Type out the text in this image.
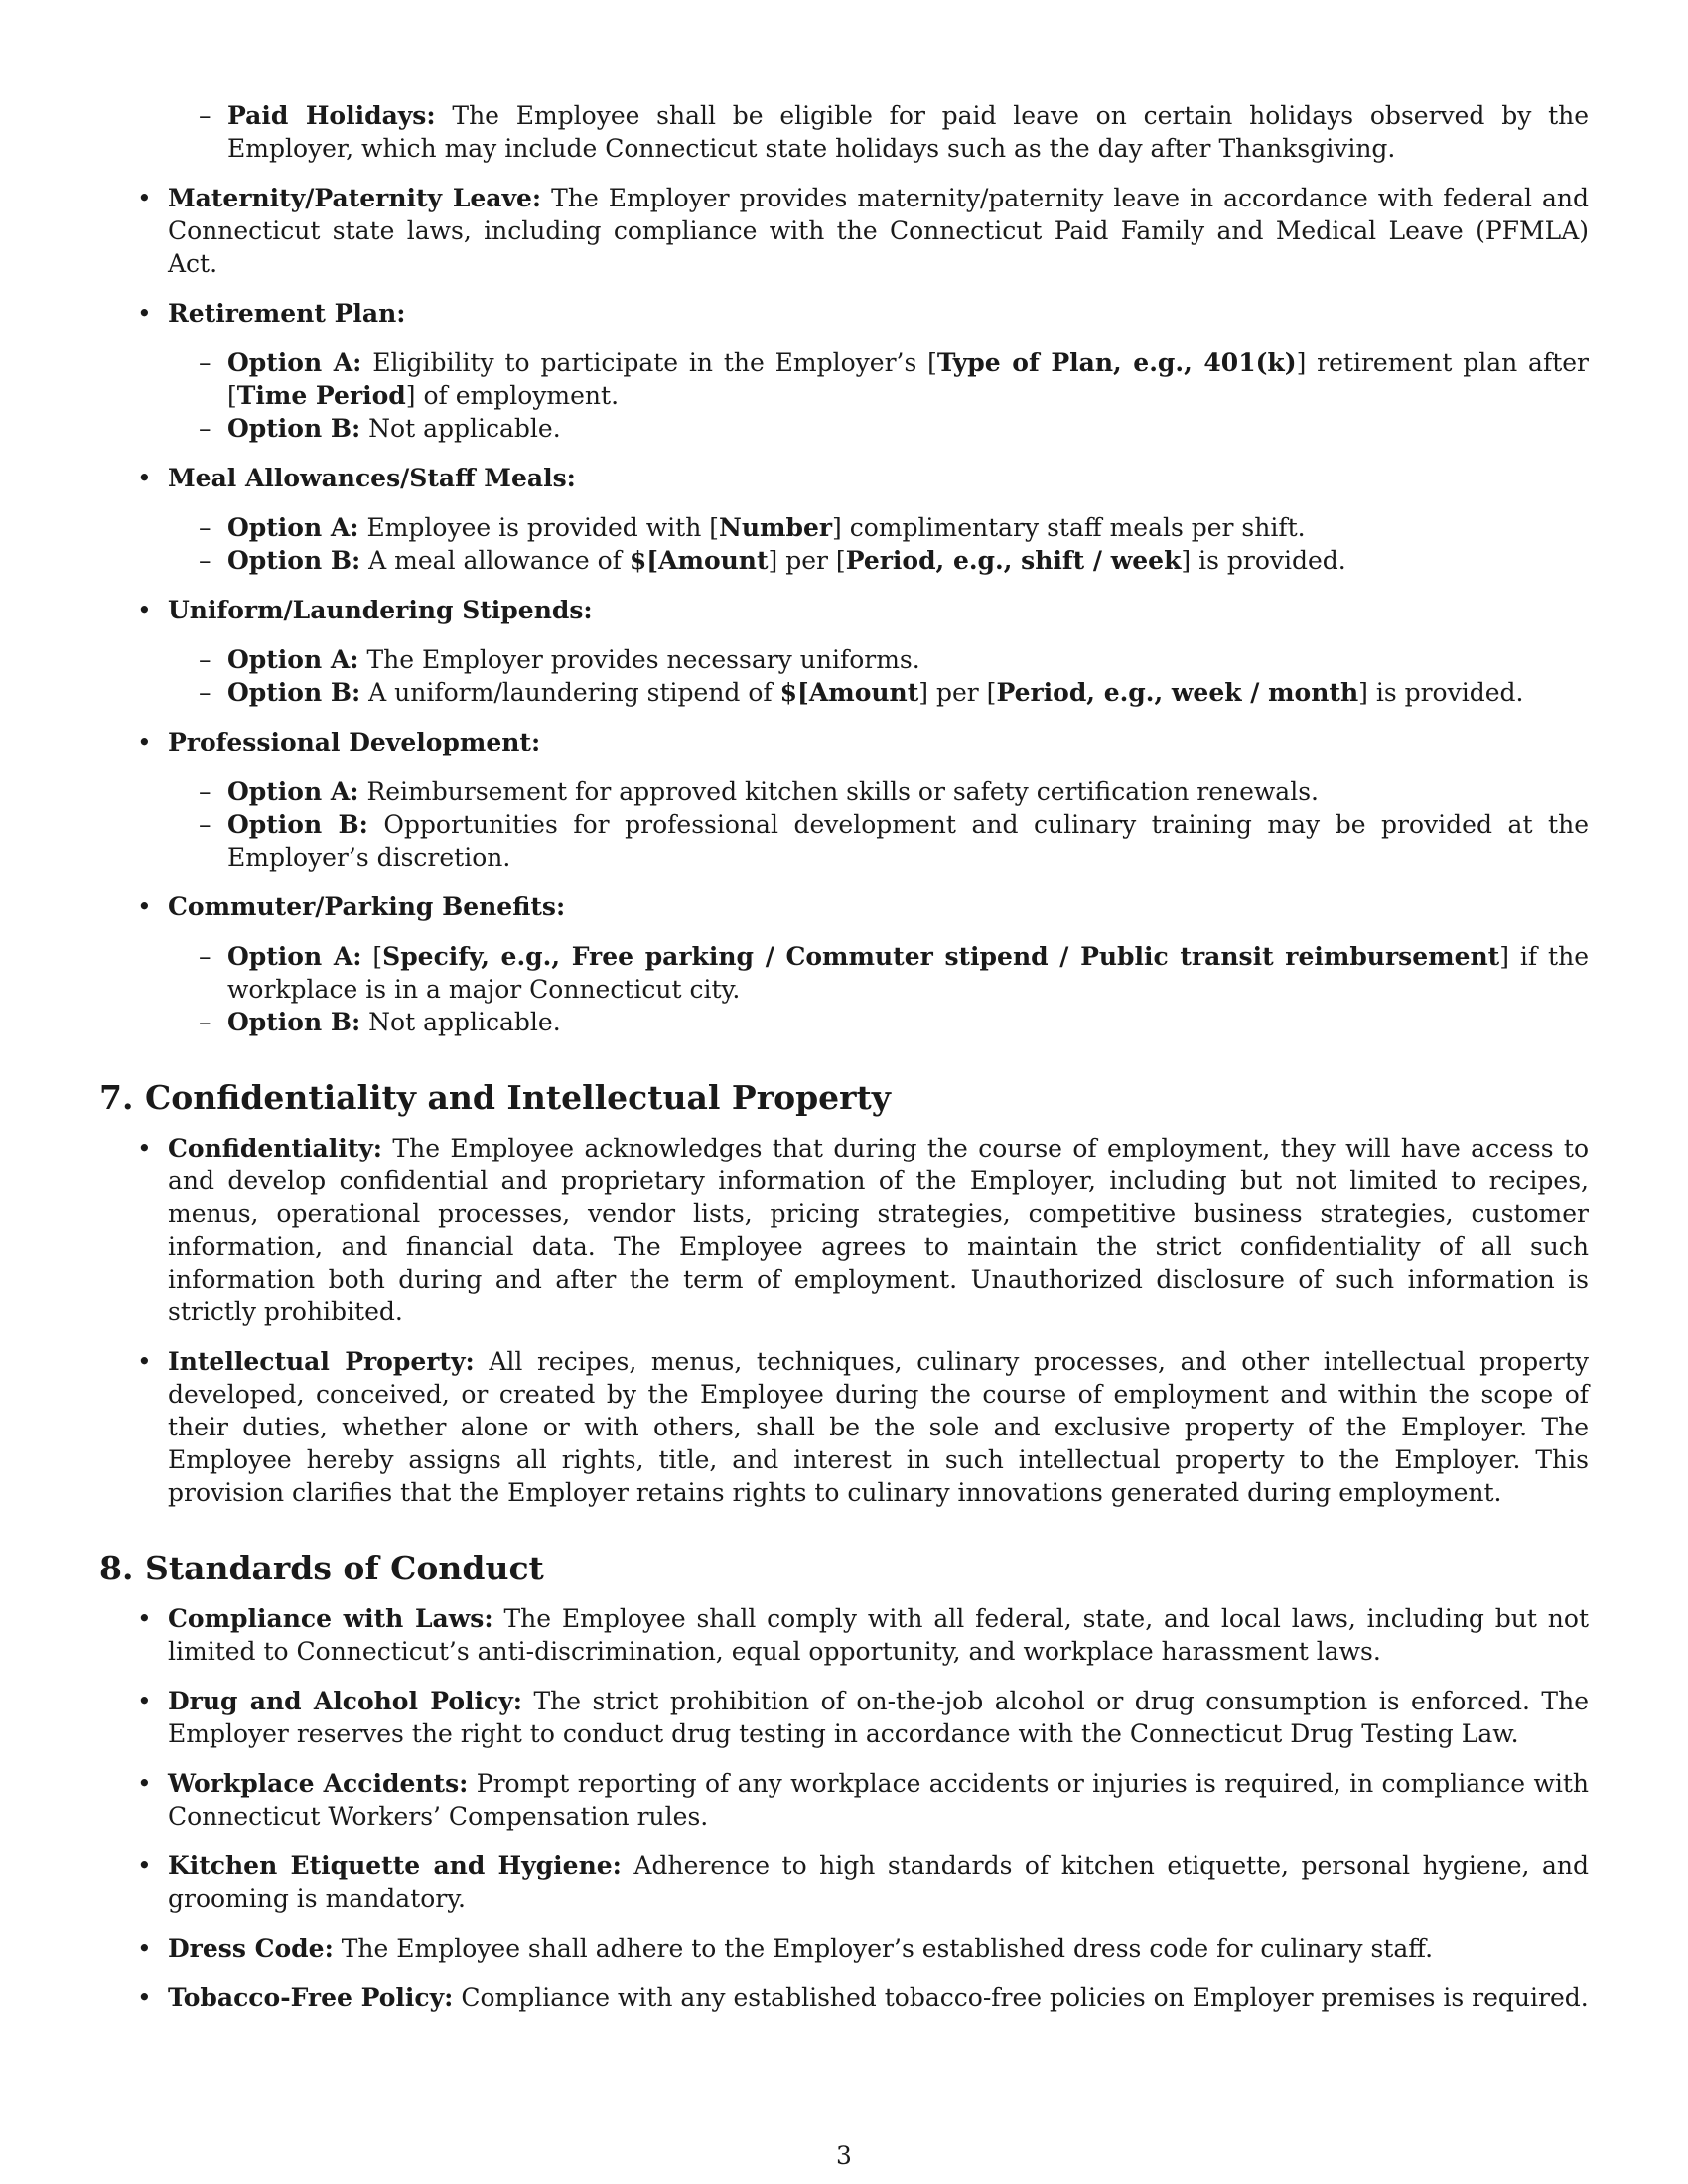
– Paid Holidays: The Employee shall be eligible for paid leave on certain holidays observed by the Employer, which may include Connecticut state holidays such as the day after Thanksgiving.
• Maternity/Paternity Leave: The Employer provides maternity/paternity leave in accordance with federal and Connecticut state laws, including compliance with the Connecticut Paid Family and Medical Leave (PFMLA) Act.
• Retirement Plan:
– Option A: Eligibility to participate in the Employer’s [Type of Plan, e.g., 401(k)] retirement plan after [Time Period] of employment.
– Option B: Not applicable.
• Meal Allowances/Staff Meals:
– Option A: Employee is provided with [Number] complimentary staff meals per shift.
– Option B: A meal allowance of $[Amount] per [Period, e.g., shift / week] is provided.
• Uniform/Laundering Stipends:
– Option A: The Employer provides necessary uniforms.
– Option B: A uniform/laundering stipend of $[Amount] per [Period, e.g., week / month] is provided.
• Professional Development:
– Option A: Reimbursement for approved kitchen skills or safety certification renewals.
– Option B: Opportunities for professional development and culinary training may be provided at the Employer’s discretion.
• Commuter/Parking Benefits:
– Option A: [Specify, e.g., Free parking / Commuter stipend / Public transit reimbursement] if the workplace is in a major Connecticut city.
– Option B: Not applicable.
7. Confidentiality and Intellectual Property
• Confidentiality: The Employee acknowledges that during the course of employment, they will have access to and develop confidential and proprietary information of the Employer, including but not limited to recipes, menus, operational processes, vendor lists, pricing strategies, competitive business strategies, customer information, and financial data. The Employee agrees to maintain the strict confidentiality of all such information both during and after the term of employment. Unauthorized disclosure of such information is strictly prohibited.
• Intellectual Property: All recipes, menus, techniques, culinary processes, and other intellectual property developed, conceived, or created by the Employee during the course of employment and within the scope of their duties, whether alone or with others, shall be the sole and exclusive property of the Employer. The Employee hereby assigns all rights, title, and interest in such intellectual property to the Employer. This provision clarifies that the Employer retains rights to culinary innovations generated during employment.
8. Standards of Conduct
• Compliance with Laws: The Employee shall comply with all federal, state, and local laws, including but not limited to Connecticut’s anti-discrimination, equal opportunity, and workplace harassment laws.
• Drug and Alcohol Policy: The strict prohibition of on-the-job alcohol or drug consumption is enforced. The Employer reserves the right to conduct drug testing in accordance with the Connecticut Drug Testing Law.
• Workplace Accidents: Prompt reporting of any workplace accidents or injuries is required, in compliance with Connecticut Workers’ Compensation rules.
• Kitchen Etiquette and Hygiene: Adherence to high standards of kitchen etiquette, personal hygiene, and grooming is mandatory.
• Dress Code: The Employee shall adhere to the Employer’s established dress code for culinary staff.
• Tobacco-Free Policy: Compliance with any established tobacco-free policies on Employer premises is required.
3
